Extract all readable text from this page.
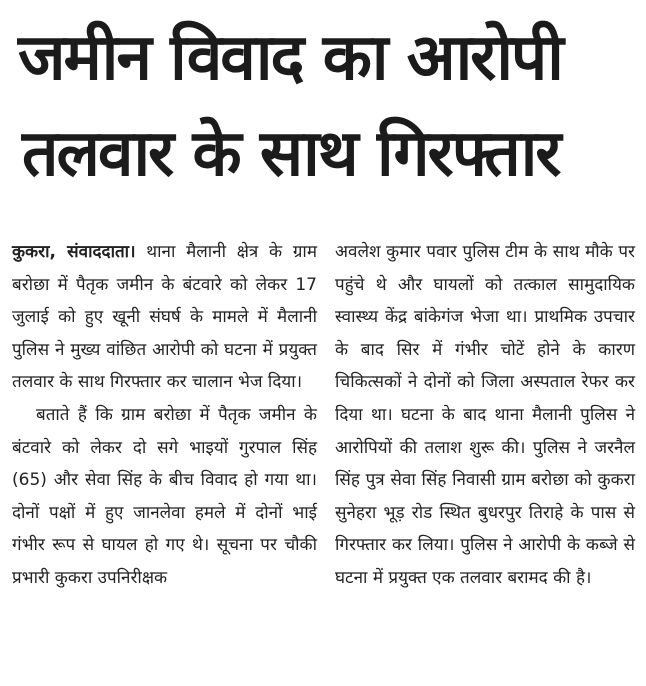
जमीन विवाद का आरोपी
तलवार के साथ गिरफ्तार

कुकरा, संवाददाता। थाना मैलानी क्षेत्र के ग्राम बरोछा में पैतृक जमीन के बंटवारे को लेकर 17 जुलाई को हुए खूनी संघर्ष के मामले में मैलानी पुलिस ने मुख्य वांछित आरोपी को घटना में प्रयुक्त तलवार के साथ गिरफ्तार कर चालान भेज दिया।

बताते हैं कि ग्राम बरोछा में पैतृक जमीन के बंटवारे को लेकर दो सगे भाइयों गुरपाल सिंह (65) और सेवा सिंह के बीच विवाद हो गया था। दोनों पक्षों में हुए जानलेवा हमले में दोनों भाई गंभीर रूप से घायल हो गए थे। सूचना पर चौकी प्रभारी कुकरा उपनिरीक्षक

अवलेश कुमार पवार पुलिस टीम के साथ मौके पर पहुंचे थे और घायलों को तत्काल सामुदायिक स्वास्थ्य केंद्र बांकेगंज भेजा था। प्राथमिक उपचार के बाद सिर में गंभीर चोटें होने के कारण चिकित्सकों ने दोनों को जिला अस्पताल रेफर कर दिया था। घटना के बाद थाना मैलानी पुलिस ने आरोपियों की तलाश शुरू की। पुलिस ने जरनैल सिंह पुत्र सेवा सिंह निवासी ग्राम बरोछा को कुकरा सुनेहरा भूड़ रोड स्थित बुधरपुर तिराहे के पास से गिरफ्तार कर लिया। पुलिस ने आरोपी के कब्जे से घटना में प्रयुक्त एक तलवार बरामद की है।
